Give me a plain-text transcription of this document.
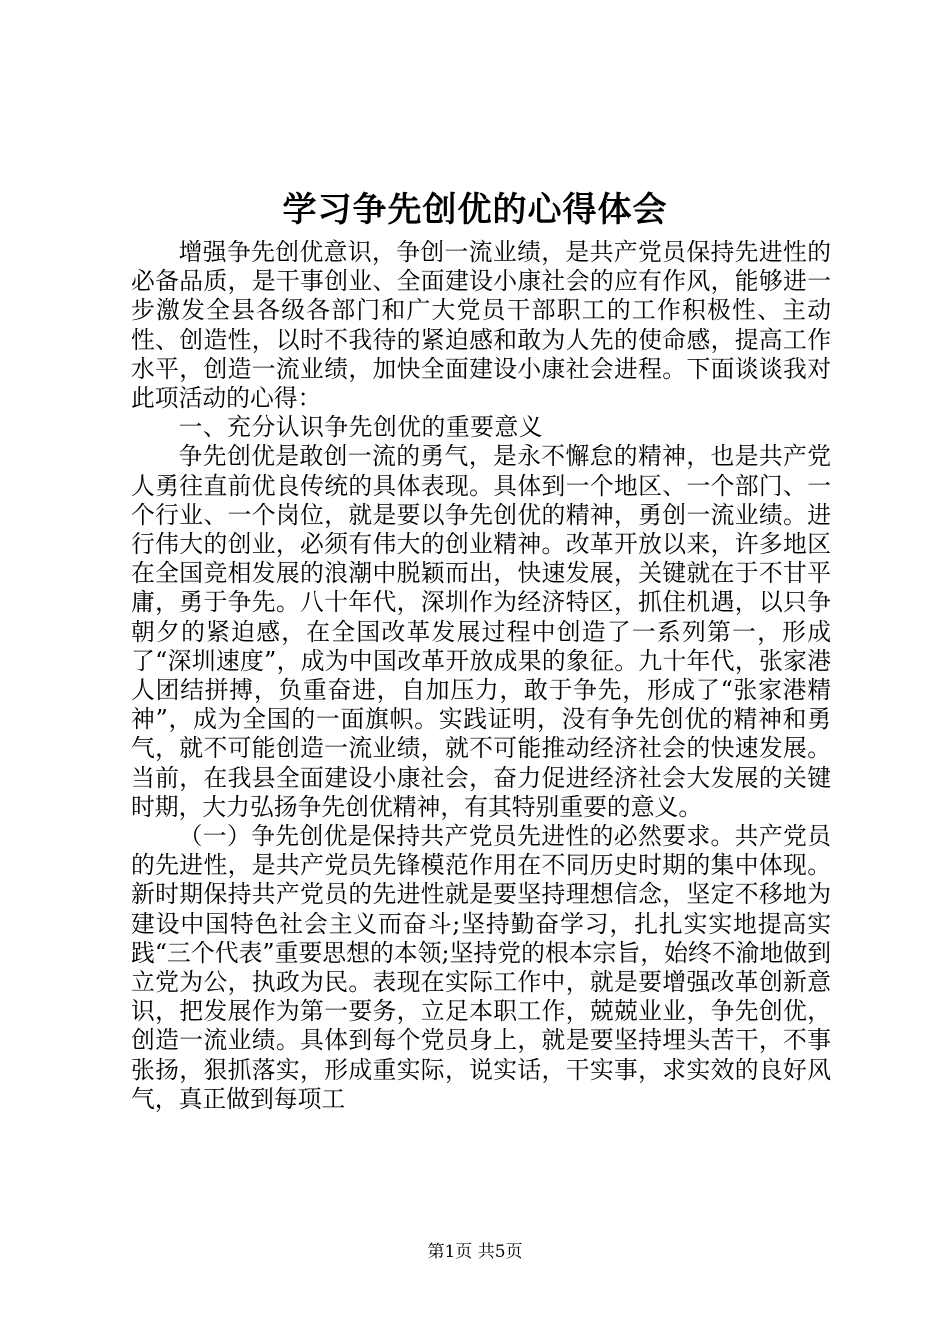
学习争先创优的心得体会

增强争先创优意识，争创一流业绩，是共产党员保持先进性的必备品质，是干事创业、全面建设小康社会的应有作风，能够进一步激发全县各级各部门和广大党员干部职工的工作积极性、主动性、创造性，以时不我待的紧迫感和敢为人先的使命感，提高工作水平，创造一流业绩，加快全面建设小康社会进程。下面谈谈我对此项活动的心得：

一、充分认识争先创优的重要意义

争先创优是敢创一流的勇气，是永不懈怠的精神，也是共产党人勇往直前优良传统的具体表现。具体到一个地区、一个部门、一个行业、一个岗位，就是要以争先创优的精神，勇创一流业绩。进行伟大的创业，必须有伟大的创业精神。改革开放以来，许多地区在全国竞相发展的浪潮中脱颖而出，快速发展，关键就在于不甘平庸，勇于争先。八十年代，深圳作为经济特区，抓住机遇，以只争朝夕的紧迫感，在全国改革发展过程中创造了一系列第一，形成了“深圳速度”，成为中国改革开放成果的象征。九十年代，张家港人团结拼搏，负重奋进，自加压力，敢于争先，形成了“张家港精神”，成为全国的一面旗帜。实践证明，没有争先创优的精神和勇气，就不可能创造一流业绩，就不可能推动经济社会的快速发展。当前，在我县全面建设小康社会，奋力促进经济社会大发展的关键时期，大力弘扬争先创优精神，有其特别重要的意义。

（一）争先创优是保持共产党员先进性的必然要求。共产党员的先进性，是共产党员先锋模范作用在不同历史时期的集中体现。新时期保持共产党员的先进性就是要坚持理想信念，坚定不移地为建设中国特色社会主义而奋斗;坚持勤奋学习，扎扎实实地提高实践“三个代表”重要思想的本领;坚持党的根本宗旨，始终不渝地做到立党为公，执政为民。表现在实际工作中，就是要增强改革创新意识，把发展作为第一要务，立足本职工作，兢兢业业，争先创优，创造一流业绩。具体到每个党员身上，就是要坚持埋头苦干，不事张扬，狠抓落实，形成重实际，说实话，干实事，求实效的良好风气，真正做到每项工

第1页 共5页
